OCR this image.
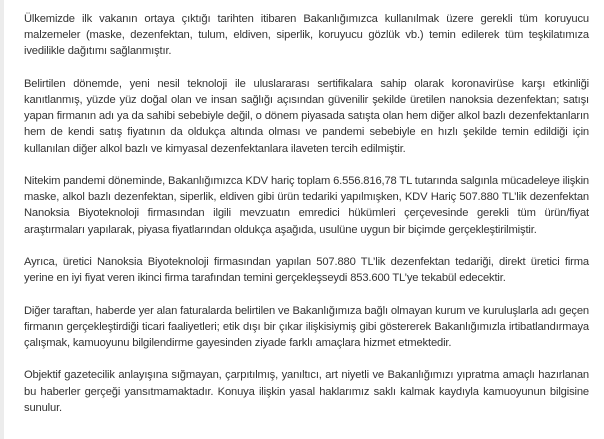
Ülkemizde ilk vakanın ortaya çıktığı tarihten itibaren Bakanlığımızca kullanılmak üzere gerekli tüm koruyucu malzemeler (maske, dezenfektan, tulum, eldiven, siperlik, koruyucu gözlük vb.) temin edilerek tüm teşkilatımıza ivedilikle dağıtımı sağlanmıştır.

Belirtilen dönemde, yeni nesil teknoloji ile uluslararası sertifikalara sahip olarak koronavirüse karşı etkinliği kanıtlanmış, yüzde yüz doğal olan ve insan sağlığı açısından güvenilir şekilde üretilen nanoksia dezenfektan; satışı yapan firmanın adı ya da sahibi sebebiyle değil, o dönem piyasada satışta olan hem diğer alkol bazlı dezenfektanların hem de kendi satış fiyatının da oldukça altında olması ve pandemi sebebiyle en hızlı şekilde temin edildiği için kullanılan diğer alkol bazlı ve kimyasal dezenfektanlara ilaveten tercih edilmiştir.

Nitekim pandemi döneminde, Bakanlığımızca KDV hariç toplam 6.556.816,78 TL tutarında salgınla mücadeleye ilişkin maske, alkol bazlı dezenfektan, siperlik, eldiven gibi ürün tedariki yapılmışken, KDV Hariç 507.880 TL’lik dezenfektan Nanoksia Biyoteknoloji firmasından ilgili mevzuatın emredici hükümleri çerçevesinde gerekli tüm ürün/fiyat araştırmaları yapılarak, piyasa fiyatlarından oldukça aşağıda, usulüne uygun bir biçimde gerçekleştirilmiştir.

Ayrıca, üretici Nanoksia Biyoteknoloji firmasından yapılan 507.880 TL’lik dezenfektan tedariği, direkt üretici firma yerine en iyi fiyat veren ikinci firma tarafından temini gerçekleşseydi 853.600 TL’ye tekabül edecektir.

Diğer taraftan, haberde yer alan faturalarda belirtilen ve Bakanlığımıza bağlı olmayan kurum ve kuruluşlarla adı geçen firmanın gerçekleştirdiği ticari faaliyetleri; etik dışı bir çıkar ilişkisiymiş gibi göstererek Bakanlığımızla irtibatlandırmaya çalışmak, kamuoyunu bilgilendirme gayesinden ziyade farklı amaçlara hizmet etmektedir.

Objektif gazetecilik anlayışına sığmayan, çarpıtılmış, yanıltıcı, art niyetli ve Bakanlığımızı yıpratma amaçlı hazırlanan bu haberler gerçeği yansıtmamaktadır. Konuya ilişkin yasal haklarımız saklı kalmak kaydıyla kamuoyunun bilgisine sunulur.
